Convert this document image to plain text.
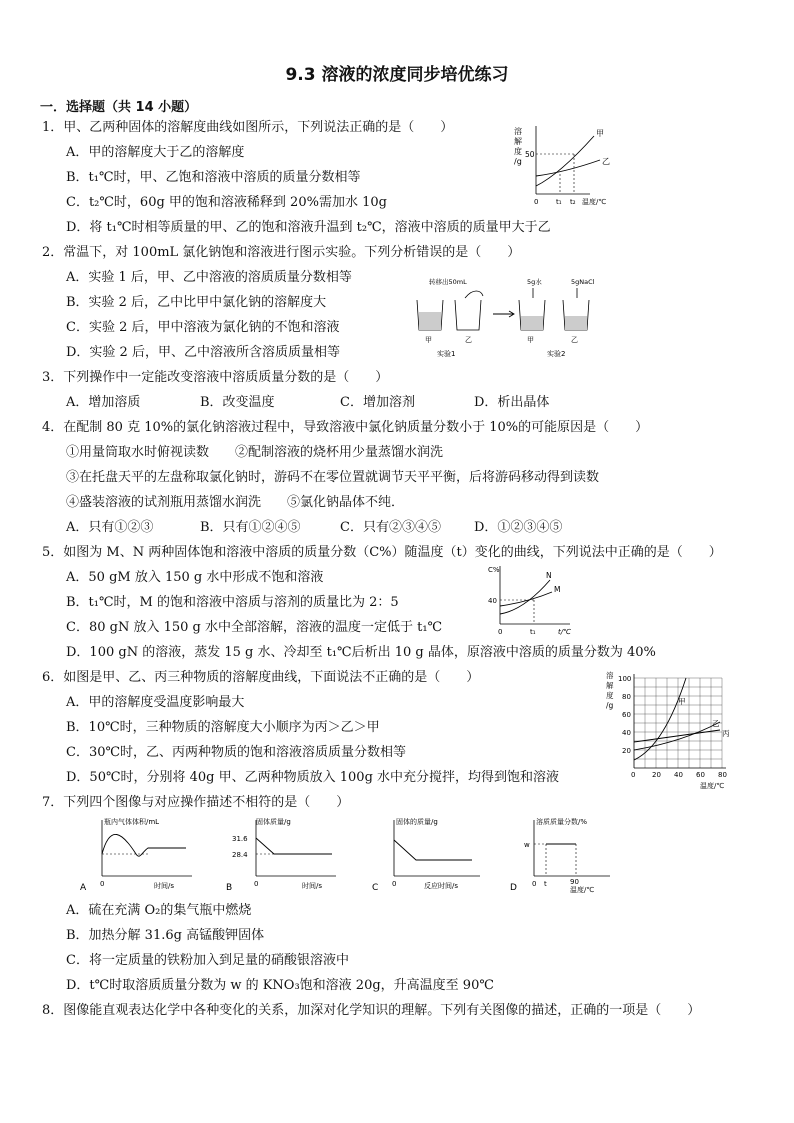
9.3 溶液的浓度同步培优练习
一．选择题（共 14 小题）
1．甲、乙两种固体的溶解度曲线如图所示，下列说法正确的是（　　）
A．甲的溶解度大于乙的溶解度
B．t₁℃时，甲、乙饱和溶液中溶质的质量分数相等
C．t₂℃时，60g 甲的饱和溶液稀释到 20%需加水 10g
D．将 t₁℃时相等质量的甲、乙的饱和溶液升温到 t₂℃，溶液中溶质的质量甲大于乙
溶
解
度
/g
50
甲
乙
0	t₁ t₂ 温度/℃
2．常温下，对 100mL 氯化钠饱和溶液进行图示实验。下列分析错误的是（　　）
A．实验 1 后，甲、乙中溶液的溶质质量分数相等
B．实验 2 后，乙中比甲中氯化钠的溶解度大
C．实验 2 后，甲中溶液为氯化钠的不饱和溶液
D．实验 2 后，甲、乙中溶液所含溶质质量相等
转移出50mL	5g水	5gNaCl
甲	乙	甲	乙
实验1	实验2
3．下列操作中一定能改变溶液中溶质质量分数的是（　　）
A．增加溶质	B．改变温度	C．增加溶剂	D．析出晶体
4．在配制 80 克 10%的氯化钠溶液过程中，导致溶液中氯化钠质量分数小于 10%的可能原因是（　　）
①用量筒取水时俯视读数　　②配制溶液的烧杯用少量蒸馏水润洗
③在托盘天平的左盘称取氯化钠时，游码不在零位置就调节天平平衡，后将游码移动得到读数
④盛装溶液的试剂瓶用蒸馏水润洗　　⑤氯化钠晶体不纯．
A．只有①②③	B．只有①②④⑤	C．只有②③④⑤	D．①②③④⑤
5．如图为 M、N 两种固体饱和溶液中溶质的质量分数（C%）随温度（t）变化的曲线，下列说法中正确的是（　　）
A．50 gM 放入 150 g 水中形成不饱和溶液
B．t₁℃时，M 的饱和溶液中溶质与溶剂的质量比为 2：5
C．80 gN 放入 150 g 水中全部溶解，溶液的温度一定低于 t₁℃
D．100 gN 的溶液，蒸发 15 g 水、冷却至 t₁℃后析出 10 g 晶体，原溶液中溶质的质量分数为 40%
C%
40
N
M
0	t₁	t/℃
6．如图是甲、乙、丙三种物质的溶解度曲线，下面说法不正确的是（　　）
A．甲的溶解度受温度影响最大
B．10℃时，三种物质的溶解度大小顺序为丙＞乙＞甲
C．30℃时，乙、丙两种物质的饱和溶液溶质质量分数相等
D．50℃时，分别将 40g 甲、乙两种物质放入 100g 水中充分搅拌，均得到饱和溶液
溶
解
度
/g
100
80
60
40
20
0 20 40 60 80
温度/℃
甲
乙
丙
7．下列四个图像与对应操作描述不相符的是（　　）
瓶内气体体积/mL
A 0	时间/s
固体质量/g
31.6
28.4
B	0	时间/s
固体的质量/g
C 0	反应时间/s
溶质质量分数/%
w
D 0 t	90
温度/℃
A．硫在充满 O₂的集气瓶中燃烧
B．加热分解 31.6g 高锰酸钾固体
C．将一定质量的铁粉加入到足量的硝酸银溶液中
D．t℃时取溶质质量分数为 w 的 KNO₃饱和溶液 20g，升高温度至 90℃
8．图像能直观表达化学中各种变化的关系，加深对化学知识的理解。下列有关图像的描述，正确的一项是（　　）
